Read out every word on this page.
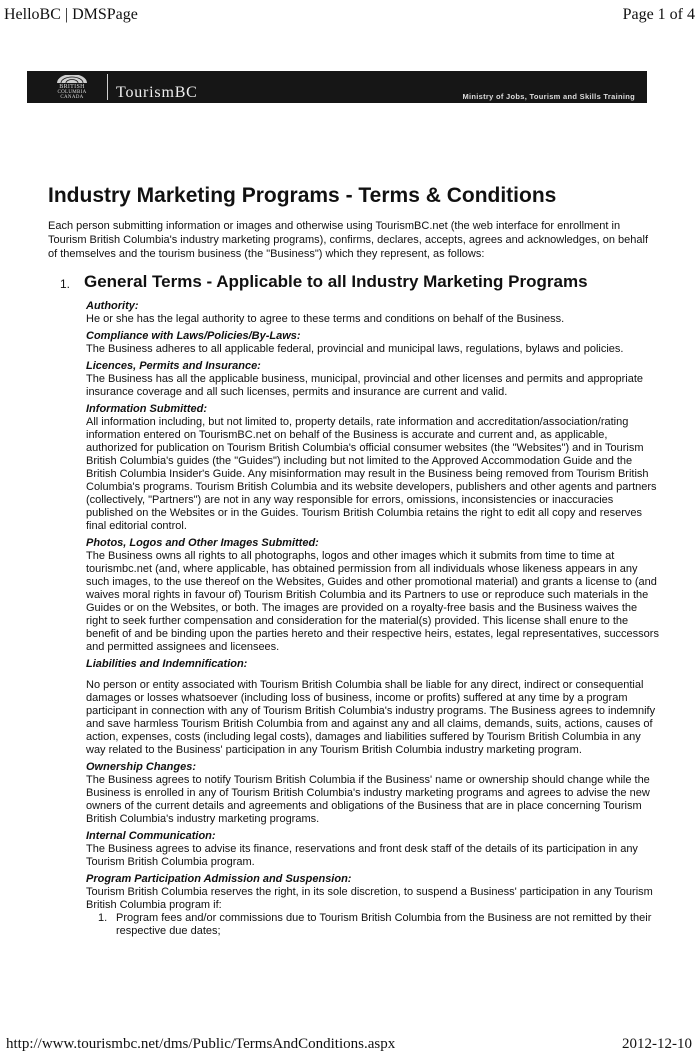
HelloBC | DMSPage	Page 1 of 4
BRITISH
COLUMBIA
CANADA	TourismBC	Ministry of Jobs, Tourism and Skills Training
Industry Marketing Programs - Terms & Conditions

Each person submitting information or images and otherwise using TourismBC.net (the web interface for enrollment in Tourism British Columbia's industry marketing programs), confirms, declares, accepts, agrees and acknowledges, on behalf of themselves and the tourism business (the "Business") which they represent, as follows:

1. General Terms - Applicable to all Industry Marketing Programs

Authority:

He or she has the legal authority to agree to these terms and conditions on behalf of the Business.

Compliance with Laws/Policies/By-Laws:

The Business adheres to all applicable federal, provincial and municipal laws, regulations, bylaws and policies.

Licences, Permits and Insurance:

The Business has all the applicable business, municipal, provincial and other licenses and permits and appropriate insurance coverage and all such licenses, permits and insurance are current and valid.

Information Submitted:

All information including, but not limited to, property details, rate information and accreditation/association/rating information entered on TourismBC.net on behalf of the Business is accurate and current and, as applicable, authorized for publication on Tourism British Columbia's official consumer websites (the "Websites") and in Tourism British Columbia's guides (the "Guides") including but not limited to the Approved Accommodation Guide and the British Columbia Insider's Guide. Any misinformation may result in the Business being removed from Tourism British Columbia's programs. Tourism British Columbia and its website developers, publishers and other agents and partners (collectively, "Partners") are not in any way responsible for errors, omissions, inconsistencies or inaccuracies published on the Websites or in the Guides. Tourism British Columbia retains the right to edit all copy and reserves final editorial control.

Photos, Logos and Other Images Submitted:

The Business owns all rights to all photographs, logos and other images which it submits from time to time at tourismbc.net (and, where applicable, has obtained permission from all individuals whose likeness appears in any such images, to the use thereof on the Websites, Guides and other promotional material) and grants a license to (and waives moral rights in favour of) Tourism British Columbia and its Partners to use or reproduce such materials in the Guides or on the Websites, or both. The images are provided on a royalty-free basis and the Business waives the right to seek further compensation and consideration for the material(s) provided. This license shall enure to the benefit of and be binding upon the parties hereto and their respective heirs, estates, legal representatives, successors and permitted assignees and licensees.

Liabilities and Indemnification:

No person or entity associated with Tourism British Columbia shall be liable for any direct, indirect or consequential damages or losses whatsoever (including loss of business, income or profits) suffered at any time by a program participant in connection with any of Tourism British Columbia's industry programs. The Business agrees to indemnify and save harmless Tourism British Columbia from and against any and all claims, demands, suits, actions, causes of action, expenses, costs (including legal costs), damages and liabilities suffered by Tourism British Columbia in any way related to the Business' participation in any Tourism British Columbia industry marketing program.

Ownership Changes:

The Business agrees to notify Tourism British Columbia if the Business' name or ownership should change while the Business is enrolled in any of Tourism British Columbia's industry marketing programs and agrees to advise the new owners of the current details and agreements and obligations of the Business that are in place concerning Tourism British Columbia's industry marketing programs.

Internal Communication:

The Business agrees to advise its finance, reservations and front desk staff of the details of its participation in any Tourism British Columbia program.

Program Participation Admission and Suspension:

Tourism British Columbia reserves the right, in its sole discretion, to suspend a Business' participation in any Tourism British Columbia program if:

1. Program fees and/or commissions due to Tourism British Columbia from the Business are not remitted by their respective due dates;
http://www.tourismbc.net/dms/Public/TermsAndConditions.aspx	2012-12-10
